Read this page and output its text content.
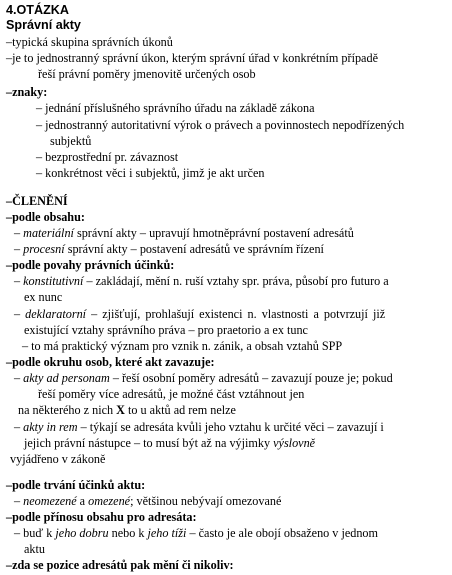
4.OTÁZKA
Správní akty
–typická skupina správních úkonů
–je to jednostranný správní úkon, kterým správní úřad v konkrétním případě
řeší právní poměry jmenovitě určených osob
–znaky:
– jednání příslušného správního úřadu na základě zákona
– jednostranný autoritativní výrok o právech a povinnostech nepodřízených
subjektů
– bezprostřední pr. závaznost
– konkrétnost věci i subjektů, jimž je akt určen
–ČLENĚNÍ
–podle obsahu:
– materiální správní akty – upravují hmotněprávní postavení adresátů
– procesní správní akty – postavení adresátů ve správním řízení
–podle povahy právních účinků:
– konstitutivní – zakládají, mění n. ruší vztahy spr. práva, působí pro futuro a
ex nunc
– deklaratorní – zjišťují, prohlašují existenci n. vlastnosti a potvrzují již
existující vztahy správního práva – pro praetorio a ex tunc
– to má praktický význam pro vznik n. zánik, a obsah vztahů SPP
–podle okruhu osob, které akt zavazuje:
– akty ad personam – řeší osobní poměry adresátů – zavazují pouze je; pokud
řeší poměry více adresátů, je možné část vztáhnout jen
na některého z nich X to u aktů ad rem nelze
– akty in rem – týkají se adresáta kvůli jeho vztahu k určité věci – zavazují i
jejich právní nástupce – to musí být až na výjimky výslovně
vyjádřeno v zákoně
–podle trvání účinků aktu:
– neomezené a omezené; většinou nebývají omezované
–podle přínosu obsahu pro adresáta:
– buď k jeho dobru nebo k jeho tíži – často je ale obojí obsaženo v jednom
aktu
–zda se pozice adresátů pak mění či nikoliv:
